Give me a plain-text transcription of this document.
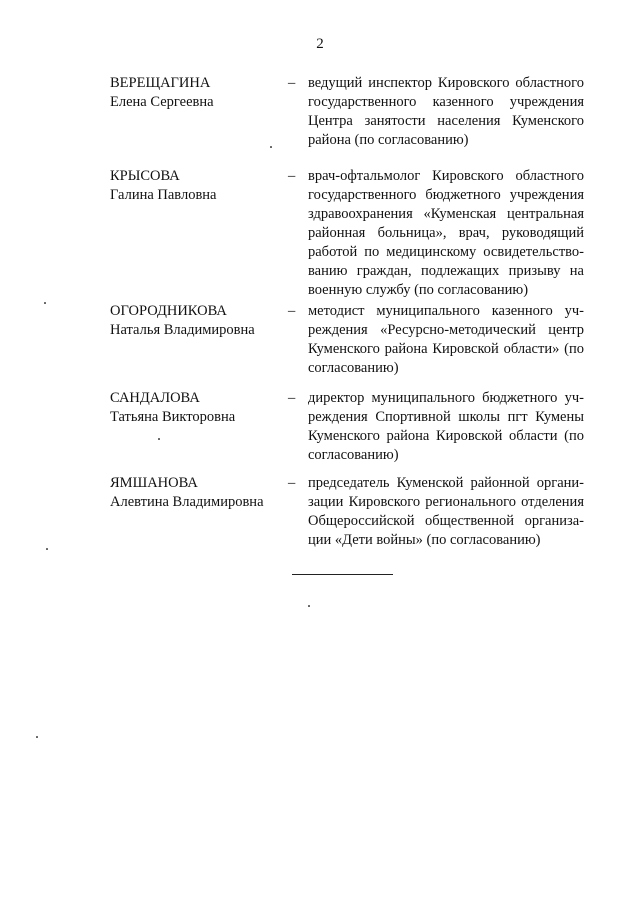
2
ВЕРЕЩАГИНА
Елена Сергеевна
– ведущий инспектор Кировского областного государственного казенного учреждения Центра занятости населения Куменского района (по согласованию)
КРЫСОВА
Галина Павловна
– врач-офтальмолог Кировского областного государственного бюджетного учреждения здравоохранения «Куменская центральная районная больница», врач, руководящий работой по медицинскому освидетельствованию граждан, подлежащих призыву на военную службу (по согласованию)
ОГОРОДНИКОВА
Наталья Владимировна
– методист муниципального казенного учреждения «Ресурсно-методический центр Куменского района Кировской области» (по согласованию)
САНДАЛОВА
Татьяна Викторовна
– директор муниципального бюджетного учреждения Спортивной школы пгт Кумены Куменского района Кировской области (по согласованию)
ЯМШАНОВА
Алевтина Владимировна
– председатель Куменской районной организации Кировского регионального отделения Общероссийской общественной организации «Дети войны» (по согласованию)
